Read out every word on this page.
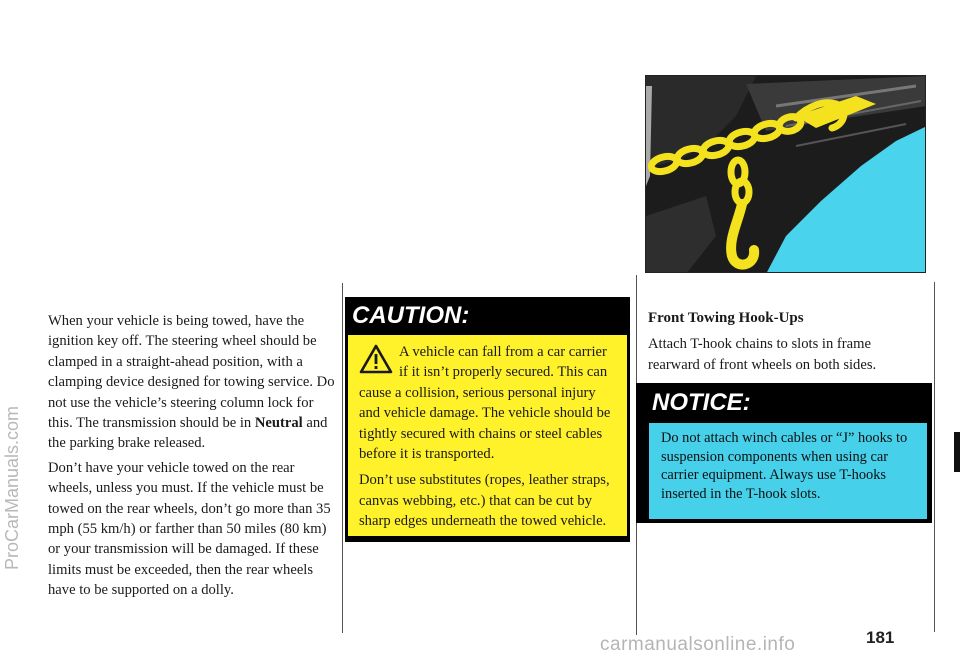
ProCarManuals.com

When your vehicle is being towed, have the ignition key off. The steering wheel should be clamped in a straight-ahead position, with a clamping device designed for towing service. Do not use the vehicle’s steering column lock for this. The transmission should be in Neutral and the parking brake released.

Don’t have your vehicle towed on the rear wheels, unless you must. If the vehicle must be towed on the rear wheels, don’t go more than 35 mph (55 km/h) or farther than 50 miles (80 km) or your transmission will be damaged. If these limits must be exceeded, then the rear wheels have to be supported on a dolly.

CAUTION:

A vehicle can fall from a car carrier if it isn’t properly secured. This can cause a collision, serious personal injury and vehicle damage. The vehicle should be tightly secured with chains or steel cables before it is transported.

Don’t use substitutes (ropes, leather straps, canvas webbing, etc.) that can be cut by sharp edges underneath the towed vehicle.

Front Towing Hook-Ups

Attach T-hook chains to slots in frame rearward of front wheels on both sides.

NOTICE:
Do not attach winch cables or “J” hooks to suspension components when using car carrier equipment. Always use T-hooks inserted in the T-hook slots.
carmanualsonline.info	181
